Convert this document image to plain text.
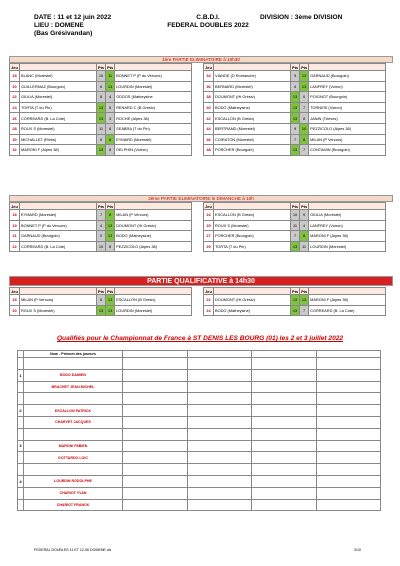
DATE : 11 et 12 juin 2022	C.B.D.I.	DIVISION : 3ème DIVISION
LIEU : DOMENE	FEDERAL DOUBLES 2022
(Bas Grésivandan)
1ère PARTIE ELIMINATOIRE à 16h30
Jeu		Pts	Pts	
18	BLANC (Morestel)	10	11	BONNET P (P du Vercors)
20	GUILLERMAZ (Bourgoin)	6	13	LOURDIN (Morestel)
22	GIULIA (Morestel)	8	4	ODDOS (Matheysine
24	TORTA (T du Pin)	13	5	RENARD C (B Grésiv)
26	CORREARD (B. La Cote)	13	3	ROCHE (Alpes 38)
28	ROUX S (Morestel)	11	6	SEABRA (T du Pin)
30	MICHALLET (Rives)	6	8	EYMARD (Morestel)
32	MARONI F (Alpes 38)	13	8	DELPHIN (Voiron)
Jeu		Pts	Pts	
34	VIANDE (D Romanche)	9	13	GARNAUD (Bourgoin)
36	BERNARD (Morestel)	4	13	LANFREY (Voiron)
38	DOUMONT (Ht Grésiv)	13	0	POIGNOT (Bourgoin)
40	BODO (Matheysine)	13	7	TORNESI (Voiron)
42	ESCALLON (B Grésiv)	13	8	JANIN (Trièves)
44	BERTRAND (Morestel)	9	10	PEZZICOLO (Alpes 38)
46	COIRATON (Morestel)	7	8	MILAN (P Vercors)
48	PORCHER (Bourgoin)	13	7	CONTAMIN (Bourgoin)
2ème PARTIE ELIMINATOIRE le DIMANCHE à 10h
Jeu		Pts	Pts	
18	EYMARD (Morestel)	7	8	MILAN (P Vercors)
19	BONNET P (P du Vercors)	4	13	DOUMONT (Ht Grésiv)
21	GARNAUD (Bourgoin)	0	13	BODO (Matheysine)
22	CORREARD (B. La Cote)	10	8	PEZZICOLO (Alpes 38)
Jeu		Pts	Pts	
24	ESCALLON (B Grésiv)	10	9	GIULIA (Morestel)
25	ROUX S (Morestel)	11	4	LANFREY (Voiron)
27	PORCHER (Bourgoin)	7	8	MARONI F (Alpes 38)
29	TORTA (T du Pin)	13	11	LOURDIN (Morestel)
PARTIE QUALIFICATIVE à 14h30
Jeu		Pts	Pts	
18	MILAN (P Vercors)	8	13	ESCALLON (B Grésiv)
20	ROUX S (Morestel)	13	13	LOURDIN (Morestel)
Jeu		Pts	Pts	
22	DOUMONT (Ht Grésiv)	13	13	MARONI F (Alpes 38)
24	BODO (Matheysine)	13	7	CORREARD (B. La Cote)
Qualifiés pour le Championnat de France à ST DENIS LES BOURG (01) les 2 et 3 juillet 2022
	Nom - Prénom des joueurs				

1	BODO DAMIEN				
	BRACHET JEAN MICHEL				

2	ESCALLON PATRICK				
	CHARVET JACQUES				

3	MARONI FABIEN				
	GOTTARDO LOIC				

4	LOURDIN RODOLPHE				
	CHARIOT YVAN				
	CHARIOT FRANCK				
FEDERAL DOUBLES 11 ET 12-06 DOMENE.xls	3/10
